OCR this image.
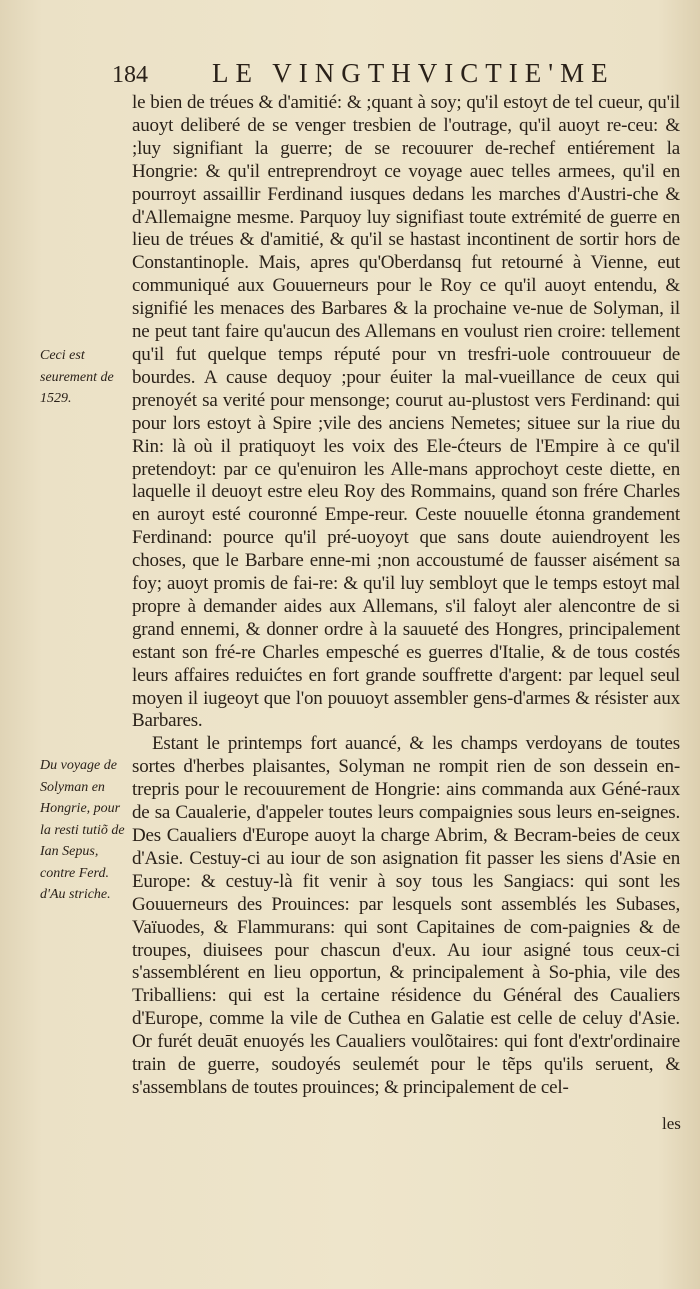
184 LE VINGTHVICTIE'ME
Ceci est seurement de 1529.
Du voyage de Solyman en Hongrie, pour la resti tutiõ de Ian Sepus, contre Ferd. d'Au striche.

le bien de tréues & d'amitié: & ;quant à soy; qu'il estoyt de tel cueur, qu'il auoyt deliberé de se venger tresbien de l'outrage, qu'il auoyt re-ceu: & ;luy signifiant la guerre; de se recouurer de-rechef entiérement la Hongrie: & qu'il entreprendroyt ce voyage auec telles armees, qu'il en pourroyt assaillir Ferdinand iusques dedans les marches d'Austri-che & d'Allemaigne mesme. Parquoy luy signifiast toute extrémité de guerre en lieu de tréues & d'amitié, & qu'il se hastast incontinent de sortir hors de Constantinople. Mais, apres qu'Oberdansq fut retourné à Vienne, eut communiqué aux Gouuerneurs pour le Roy ce qu'il auoyt entendu, & signifié les menaces des Barbares & la prochaine ve-nue de Solyman, il ne peut tant faire qu'aucun des Allemans en voulust rien croire: tellement qu'il fut quelque temps réputé pour vn tresfri-uole controuueur de bourdes. A cause dequoy ;pour éuiter la mal-vueillance de ceux qui prenoyét sa verité pour mensonge; courut au-plustost vers Ferdinand: qui pour lors estoyt à Spire ;vile des anciens Nemetes; situee sur la riue du Rin: là où il pratiquoyt les voix des Ele-ćteurs de l'Empire à ce qu'il pretendoyt: par ce qu'enuiron les Alle-mans approchoyt ceste diette, en laquelle il deuoyt estre eleu Roy des Rommains, quand son frére Charles en auroyt esté couronné Empe-reur. Ceste nouuelle étonna grandement Ferdinand: pource qu'il pré-uoyoyt que sans doute auiendroyent les choses, que le Barbare enne-mi ;non accoustumé de fausser aisément sa foy; auoyt promis de fai-re: & qu'il luy sembloyt que le temps estoyt mal propre à demander aides aux Allemans, s'il faloyt aler alencontre de si grand ennemi, & donner ordre à la sauueté des Hongres, principalement estant son fré-re Charles empesché es guerres d'Italie, & de tous costés leurs affaires reduićtes en fort grande souffrette d'argent: par lequel seul moyen il iugeoyt que l'on pouuoyt assembler gens-d'armes & résister aux Barbares.

Estant le printemps fort auancé, & les champs verdoyans de toutes sortes d'herbes plaisantes, Solyman ne rompit rien de son dessein en-trepris pour le recouurement de Hongrie: ains commanda aux Géné-raux de sa Caualerie, d'appeler toutes leurs compaignies sous leurs en-seignes. Des Caualiers d'Europe auoyt la charge Abrim, & Becram-beies de ceux d'Asie. Cestuy-ci au iour de son asignation fit passer les siens d'Asie en Europe: & cestuy-là fit venir à soy tous les Sangiacs: qui sont les Gouuerneurs des Prouinces: par lesquels sont assemblés les Subases, Vaïuodes, & Flammurans: qui sont Capitaines de com-paignies & de troupes, diuisees pour chascun d'eux. Au iour asigné tous ceux-ci s'assemblérent en lieu opportun, & principalement à So-phia, vile des Triballiens: qui est la certaine résidence du Général des Caualiers d'Europe, comme la vile de Cuthea en Galatie est celle de celuy d'Asie. Or furét deuāt enuoyés les Caualiers voulõtaires: qui font d'extr'ordinaire train de guerre, soudoyés seulemét pour le tẽps qu'ils seruent, & s'assemblans de toutes prouinces; & principalement de cel-

les
